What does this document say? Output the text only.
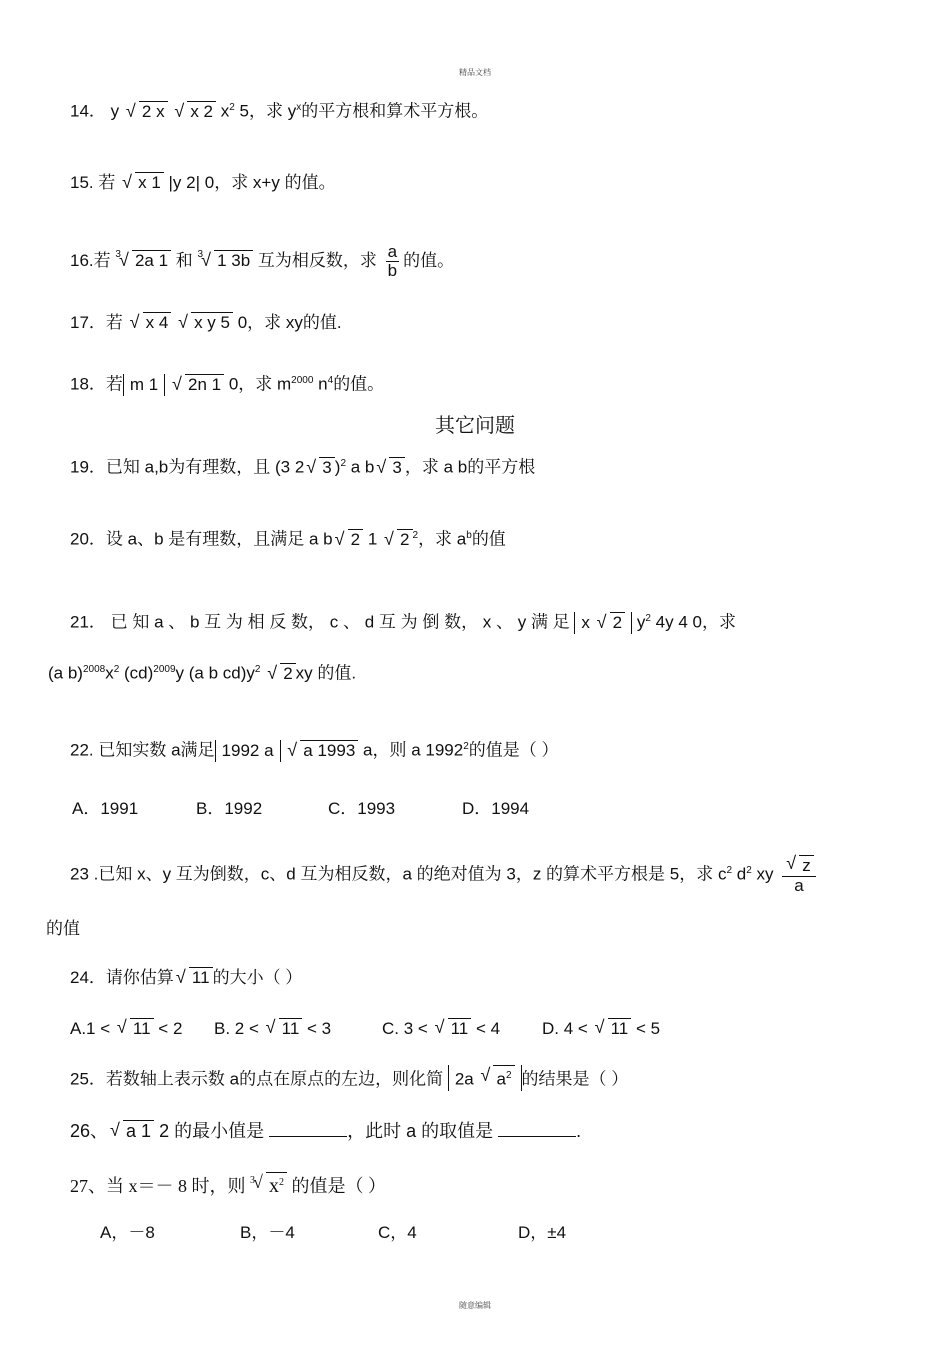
精品文档
14． y √ 2 x √ x 2 $x^2$ 5，求 $y^x$的平方根和算术平方根。
15. 若 √ x 1 |y 2| 0，求 x+y 的值。
16.若 $^3$ √ 2a 1 和 $^3$ √ 1 3b 互为相反数，求 $\frac{a}{b}$ 的值。
17．若 √ x 4 √ x y 5 0，求 xy的值.
18．若 m 1 √ 2n 1 0，求 $m^{2000}$ $n^4$的值。
其它问题
19．已知 a,b为有理数，且 (3 2 √ 3 )$^2$ a b √ 3 ，求 a b的平方根
20．设 a、b 是有理数，且满足 a b √ 2 1 √ 2 $^2$，求 $a^b$的值
21． 已 知 a 、 b 互 为 相 反 数， c 、 d 互 为 倒 数， x 、 y 满 足 x √ 2 $y^2$ 4y 4 0，求
(a $b)^{2008}x^2$ (cd)$^{2009}$y (a b $cd)y^2$ √ 2 xy 的值.
22. 已知实数 a满足 1992 a √ a 1993 a，则 a 1992$^2$的值是（ ）
A．1991	B．1992	C．1993	D．1994
23 .已知 x、y 互为倒数，c、d 互为相反数，a 的绝对值为 3，z 的算术平方根是 5，求 $c^2$ $d^2$ xy √ $\frac{z}{a}$
的值
24．请你估算 √ 11 的大小（ ）
A.1 < √ 11 < 2 B. 2 < √ 11 < 3	C. 3 < √ 11 < 4 D. 4 < √ 11 < 5
25．若数轴上表示数 a的点在原点的左边，则化简 2a √ $a^2$ 的结果是（ ）
26、 √ a 1 2 的最小值是	，此时 a 的取值是	.
27、当 x＝－ 8 时，则 $^3$ √ $x^2$ 的值是（ ）
A，－8	B，－4	C，4	D，±4
随意编辑
